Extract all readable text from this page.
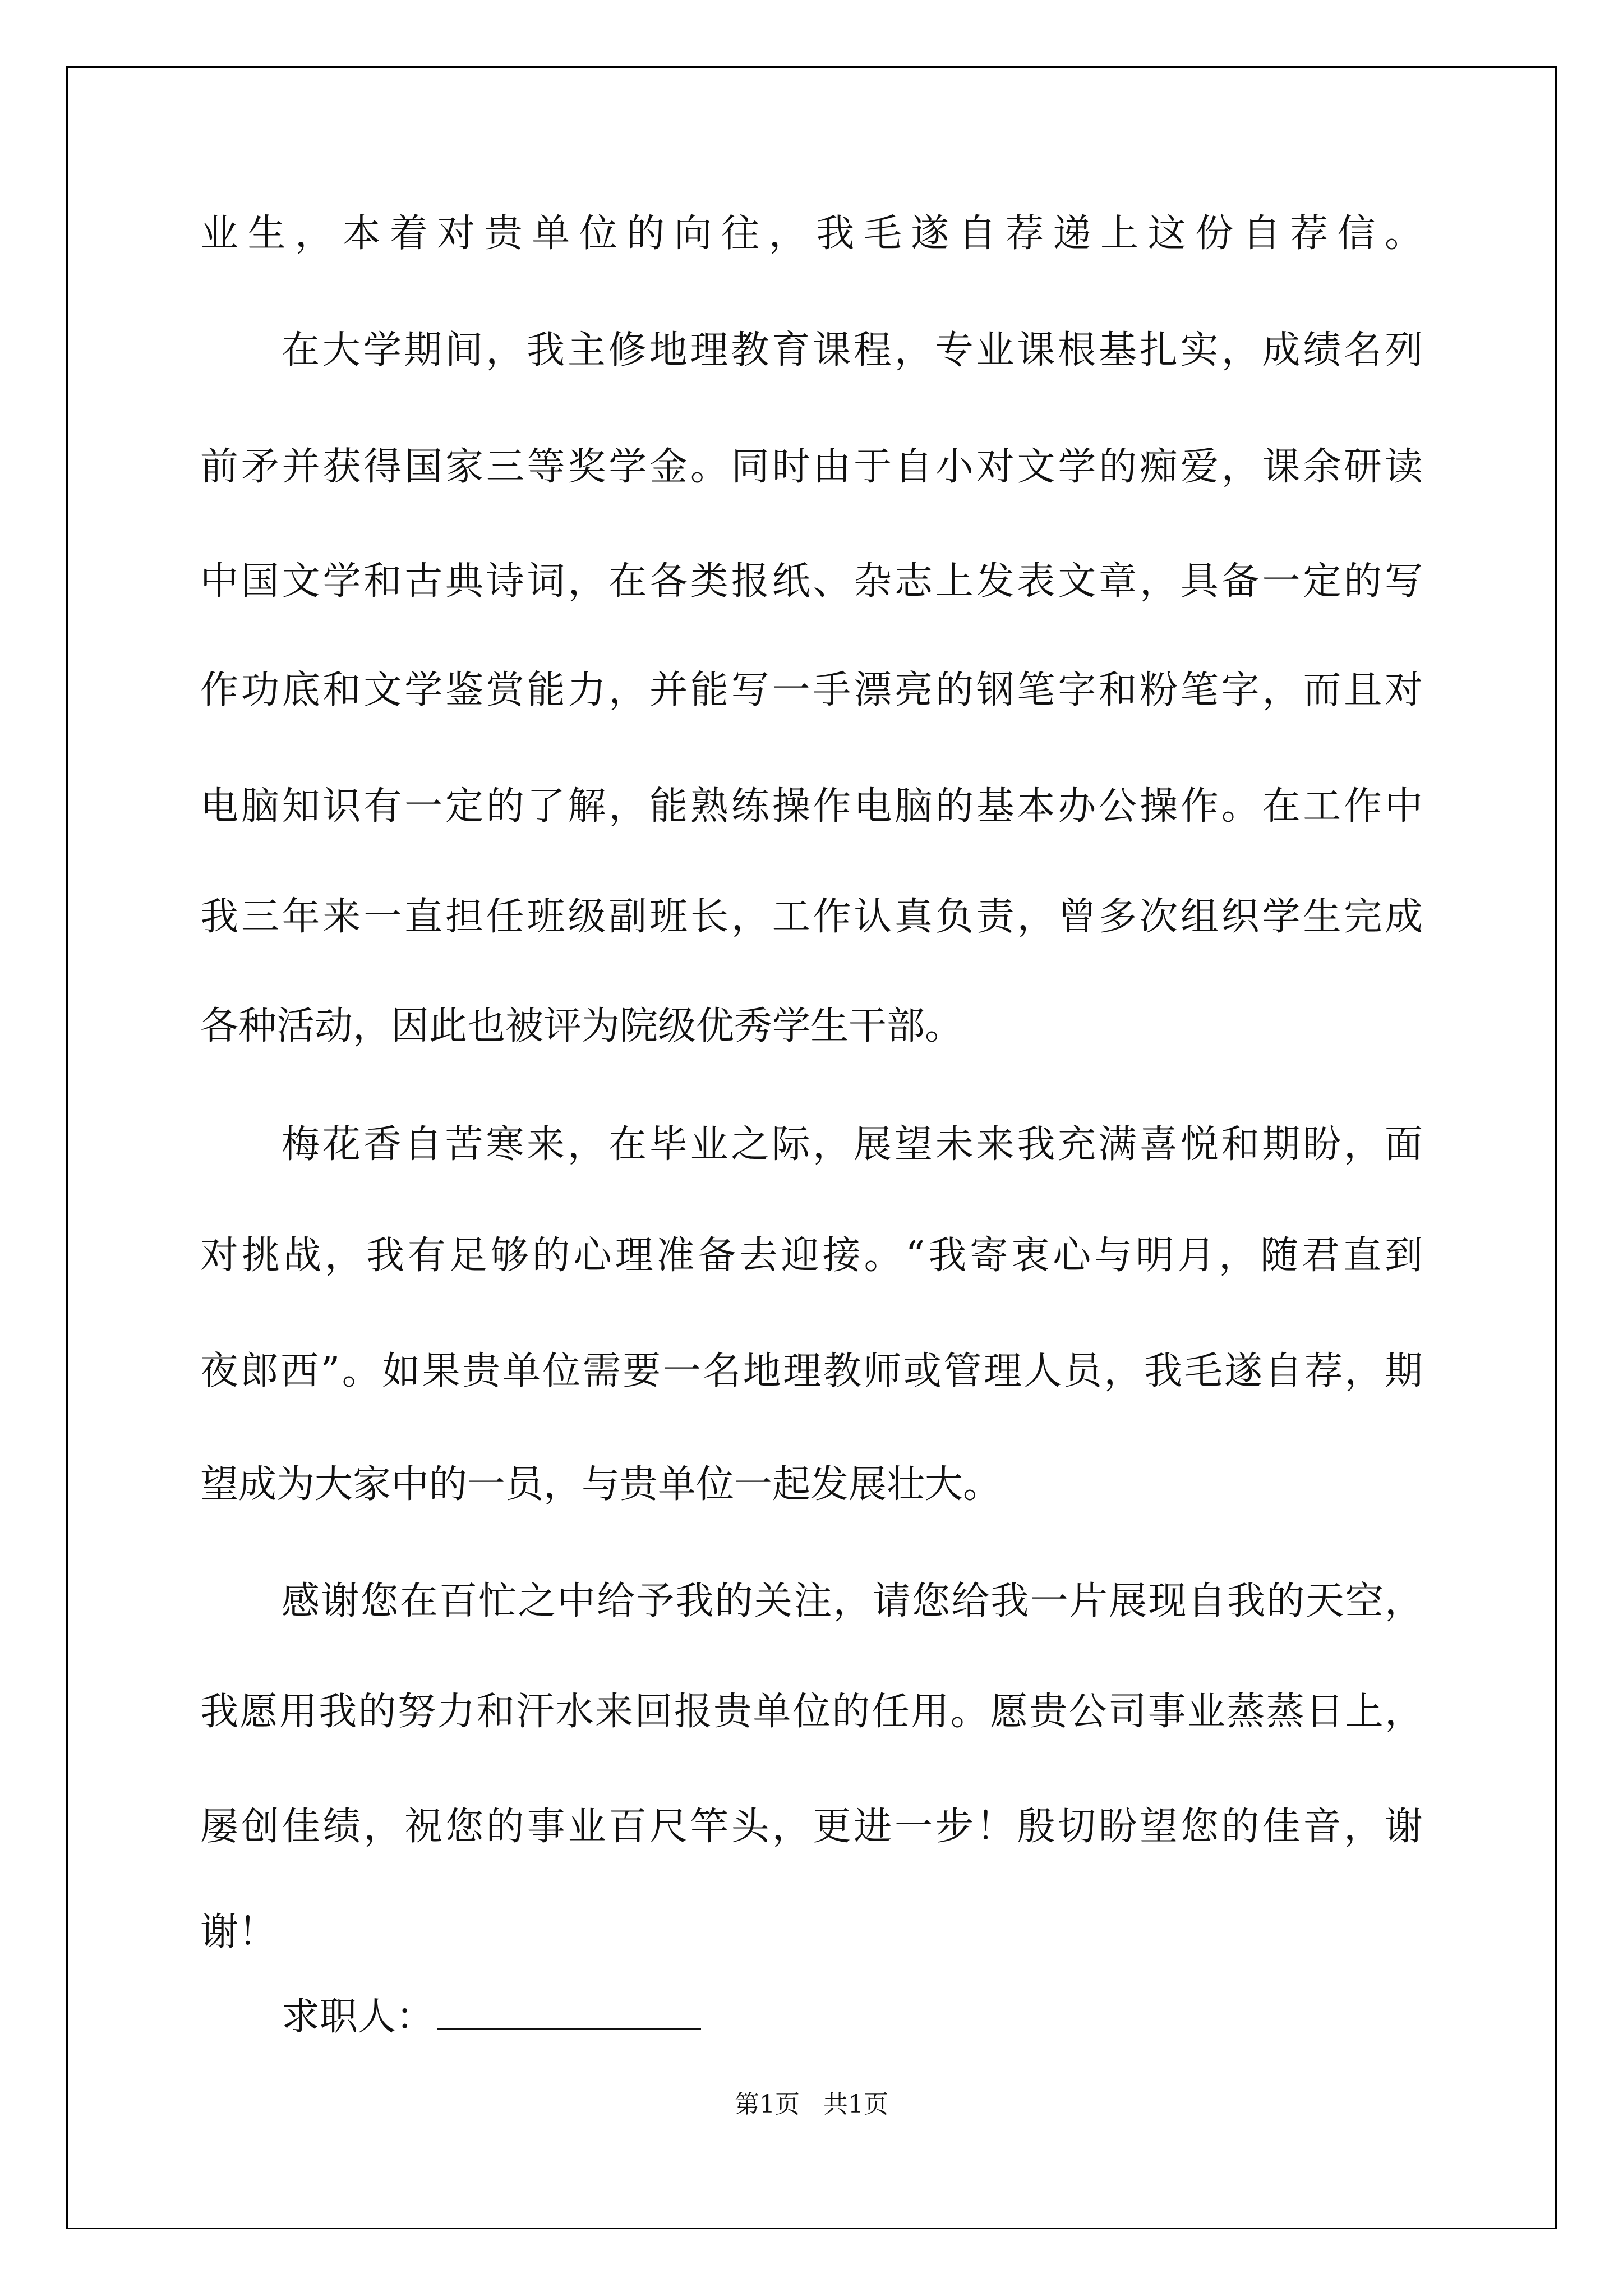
业生，本着对贵单位的向往，我毛遂自荐递上这份自荐信。
在大学期间，我主修地理教育课程，专业课根基扎实，成绩名列
前矛并获得国家三等奖学金。同时由于自小对文学的痴爱，课余研读
中国文学和古典诗词，在各类报纸、杂志上发表文章，具备一定的写
作功底和文学鉴赏能力，并能写一手漂亮的钢笔字和粉笔字，而且对
电脑知识有一定的了解，能熟练操作电脑的基本办公操作。在工作中
我三年来一直担任班级副班长，工作认真负责，曾多次组织学生完成
各种活动，因此也被评为院级优秀学生干部。
梅花香自苦寒来，在毕业之际，展望未来我充满喜悦和期盼，面
对挑战，我有足够的心理准备去迎接。“我寄衷心与明月，随君直到
夜郎西”。如果贵单位需要一名地理教师或管理人员，我毛遂自荐，期
望成为大家中的一员，与贵单位一起发展壮大。
感谢您在百忙之中给予我的关注，请您给我一片展现自我的天空，
我愿用我的努力和汗水来回报贵单位的任用。愿贵公司事业蒸蒸日上，
屡创佳绩，祝您的事业百尺竿头，更进一步！殷切盼望您的佳音，谢
谢！
求职人：
第1页   共1页
